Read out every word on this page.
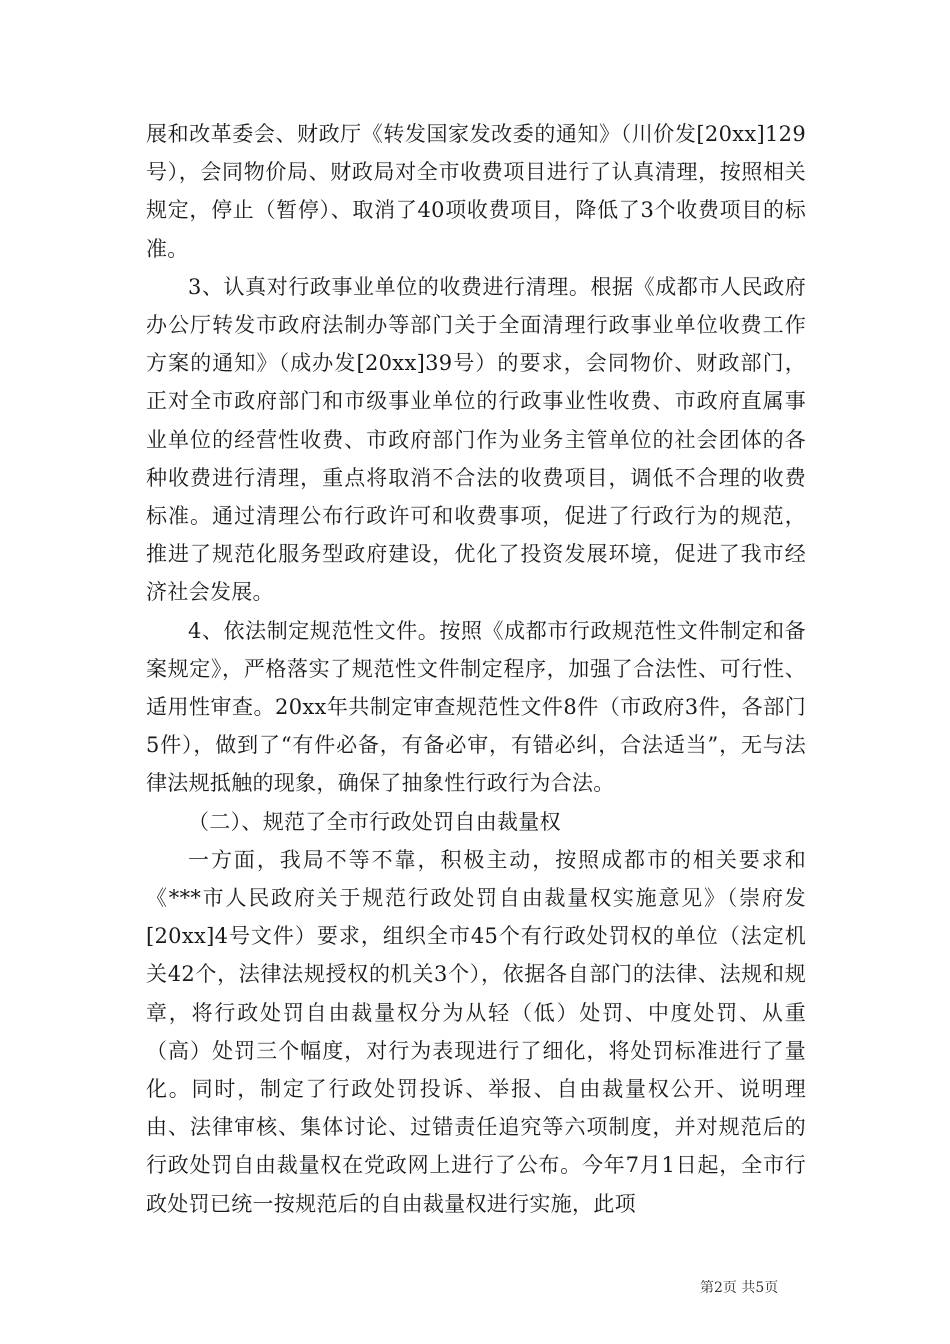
展和改革委会、财政厅《转发国家发改委的通知》（川价发[20xx]129号），会同物价局、财政局对全市收费项目进行了认真清理，按照相关规定，停止（暂停）、取消了40项收费项目，降低了3个收费项目的标准。

3、认真对行政事业单位的收费进行清理。根据《成都市人民政府办公厅转发市政府法制办等部门关于全面清理行政事业单位收费工作方案的通知》（成办发[20xx]39号）的要求，会同物价、财政部门，正对全市政府部门和市级事业单位的行政事业性收费、市政府直属事业单位的经营性收费、市政府部门作为业务主管单位的社会团体的各种收费进行清理，重点将取消不合法的收费项目，调低不合理的收费标准。通过清理公布行政许可和收费事项，促进了行政行为的规范，推进了规范化服务型政府建设，优化了投资发展环境，促进了我市经济社会发展。

4、依法制定规范性文件。按照《成都市行政规范性文件制定和备案规定》，严格落实了规范性文件制定程序，加强了合法性、可行性、适用性审查。20xx年共制定审查规范性文件8件（市政府3件，各部门5件），做到了“有件必备，有备必审，有错必纠，合法适当”，无与法律法规抵触的现象，确保了抽象性行政行为合法。

（二）、规范了全市行政处罚自由裁量权

一方面，我局不等不靠，积极主动，按照成都市的相关要求和《***市人民政府关于规范行政处罚自由裁量权实施意见》（崇府发[20xx]4号文件）要求，组织全市45个有行政处罚权的单位（法定机关42个，法律法规授权的机关3个），依据各自部门的法律、法规和规章，将行政处罚自由裁量权分为从轻（低）处罚、中度处罚、从重（高）处罚三个幅度，对行为表现进行了细化，将处罚标准进行了量化。同时，制定了行政处罚投诉、举报、自由裁量权公开、说明理由、法律审核、集体讨论、过错责任追究等六项制度，并对规范后的行政处罚自由裁量权在党政网上进行了公布。今年7月1日起，全市行政处罚已统一按规范后的自由裁量权进行实施，此项

第2页 共5页
